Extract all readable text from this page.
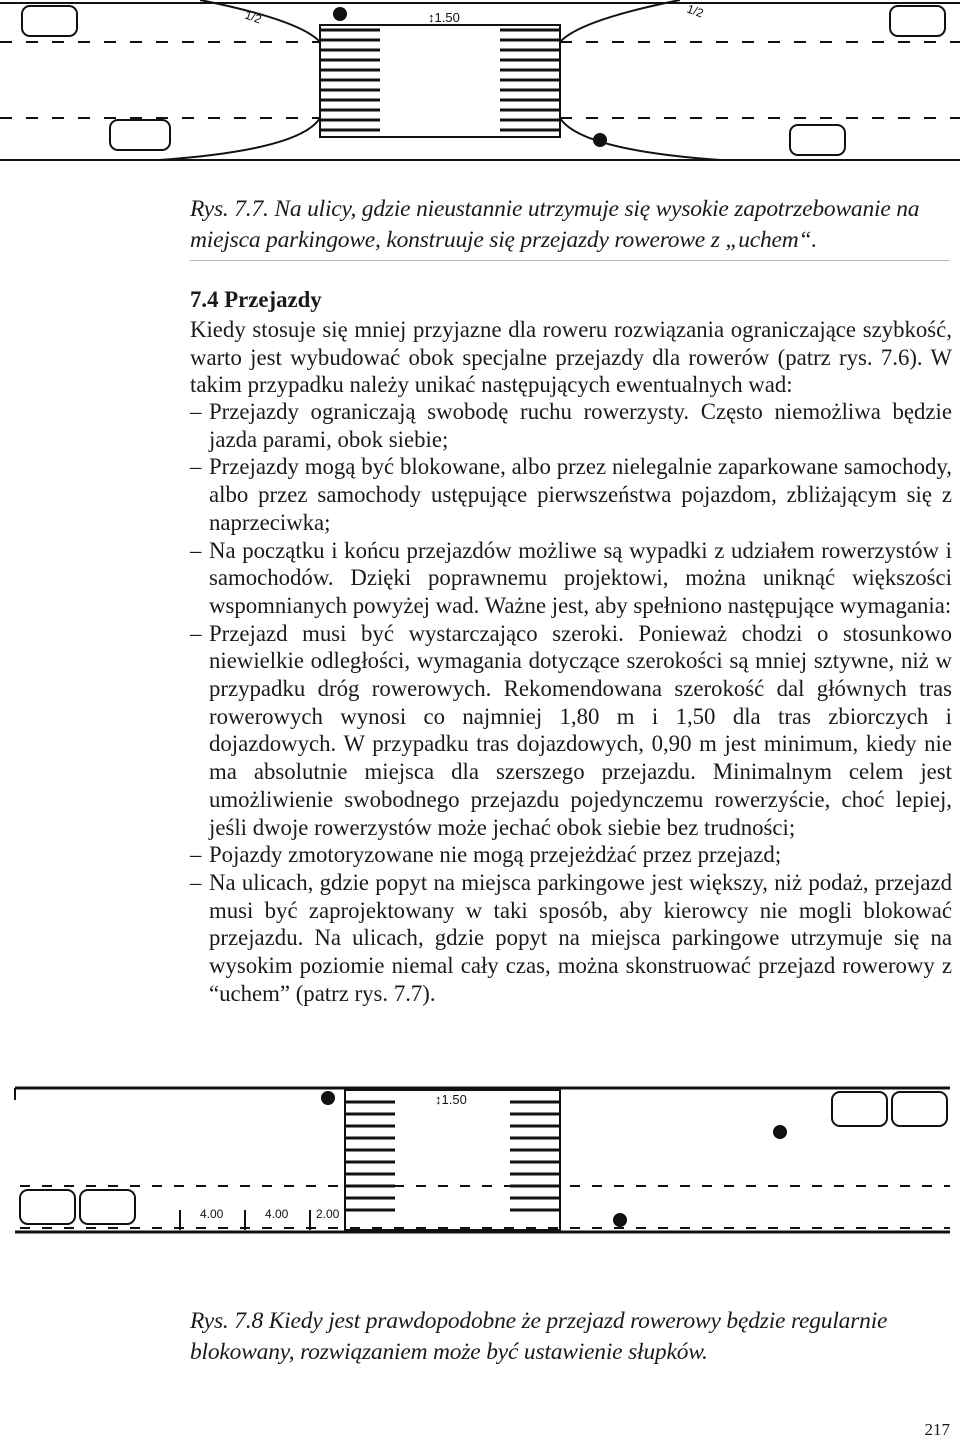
↕1.50
1/2	1/2
Rys. 7.7. Na ulicy, gdzie nieustannie utrzymuje się wysokie zapotrzebowanie na miejsca parkingowe, konstruuje się przejazdy rowerowe z „uchem“.
7.4 Przejazdy
Kiedy stosuje się mniej przyjazne dla roweru rozwiązania ograniczające szybkość, warto jest wybudować obok specjalne przejazdy dla rowerów (patrz rys. 7.6). W takim przypadku należy unikać następujących ewentualnych wad:
– Przejazdy ograniczają swobodę ruchu rowerzysty. Często niemożliwa będzie jazda parami, obok siebie;
– Przejazdy mogą być blokowane, albo przez nielegalnie zaparkowane samochody, albo przez samochody ustępujące pierwszeństwa pojazdom, zbliżającym się z naprzeciwka;
– Na początku i końcu przejazdów możliwe są wypadki z udziałem rowerzystów i samochodów. Dzięki poprawnemu projektowi, można uniknąć większości wspomnianych powyżej wad. Ważne jest, aby spełniono następujące wymagania:
– Przejazd musi być wystarczająco szeroki. Ponieważ chodzi o stosunkowo niewielkie odległości, wymagania dotyczące szerokości są mniej sztywne, niż w przypadku dróg rowerowych. Rekomendowana szerokość dal głównych tras rowerowych wynosi co najmniej 1,80 m i 1,50 dla tras zbiorczych i dojazdowych. W przypadku tras dojazdowych, 0,90 m jest minimum, kiedy nie ma absolutnie miejsca dla szerszego przejazdu. Minimalnym celem jest umożliwienie swobodnego przejazdu pojedynczemu rowerzyście, choć lepiej, jeśli dwoje rowerzystów może jechać obok siebie bez trudności;
– Pojazdy zmotoryzowane nie mogą przejeżdżać przez przejazd;
– Na ulicach, gdzie popyt na miejsca parkingowe jest większy, niż podaż, przejazd musi być zaprojektowany w taki sposób, aby kierowcy nie mogli blokować przejazdu. Na ulicach, gdzie popyt na miejsca parkingowe utrzymuje się na wysokim poziomie niemal cały czas, można skonstruować przejazd rowerowy z “uchem” (patrz rys. 7.7).
↕1.50
4.00	4.00 2.00
Rys. 7.8 Kiedy jest prawdopodobne że przejazd rowerowy będzie regularnie blokowany, rozwiązaniem może być ustawienie słupków.
217
